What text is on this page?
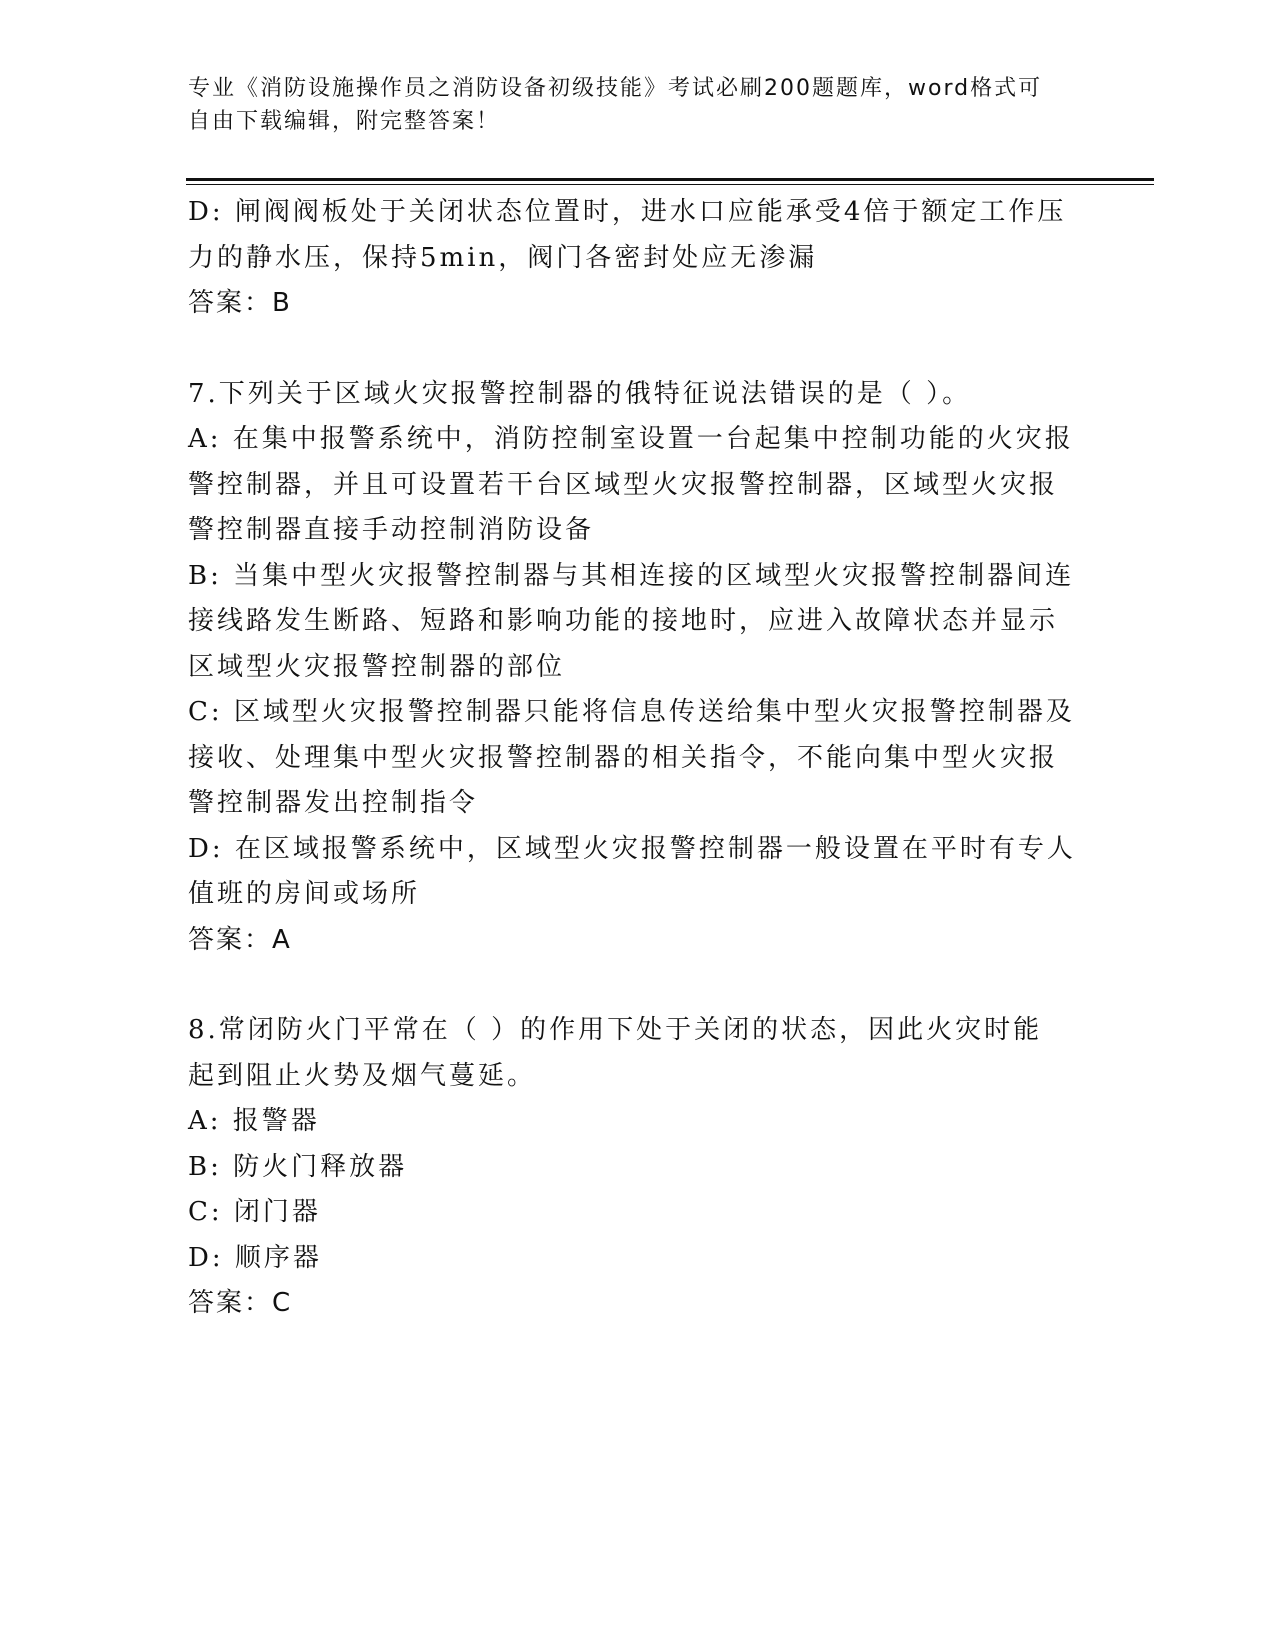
专业《消防设施操作员之消防设备初级技能》考试必刷200题题库，word格式可
自由下载编辑，附完整答案！

D: 闸阀阀板处于关闭状态位置时，进水口应能承受4倍于额定工作压

力的静水压，保持5min，阀门各密封处应无渗漏

答案：B

7.下列关于区域火灾报警控制器的俄特征说法错误的是（ ）。

A: 在集中报警系统中，消防控制室设置一台起集中控制功能的火灾报

警控制器，并且可设置若干台区域型火灾报警控制器，区域型火灾报

警控制器直接手动控制消防设备

B: 当集中型火灾报警控制器与其相连接的区域型火灾报警控制器间连

接线路发生断路、短路和影响功能的接地时，应进入故障状态并显示

区域型火灾报警控制器的部位

C: 区域型火灾报警控制器只能将信息传送给集中型火灾报警控制器及

接收、处理集中型火灾报警控制器的相关指令，不能向集中型火灾报

警控制器发出控制指令

D: 在区域报警系统中，区域型火灾报警控制器一般设置在平时有专人

值班的房间或场所

答案：A

8.常闭防火门平常在（ ）的作用下处于关闭的状态，因此火灾时能

起到阻止火势及烟气蔓延。

A: 报警器

B: 防火门释放器

C: 闭门器

D: 顺序器

答案：C
